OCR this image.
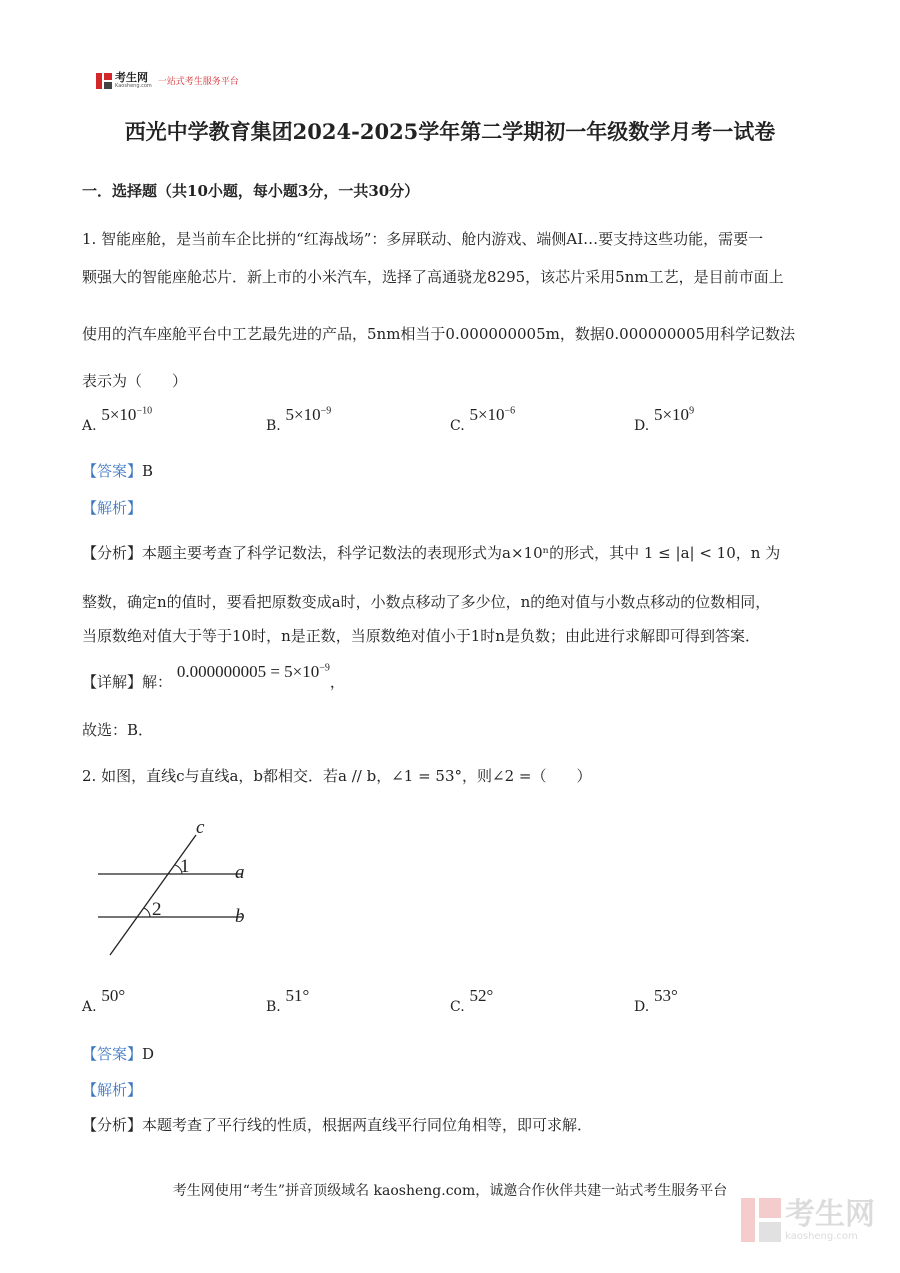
考生网
Kaosheng.com 一站式考生服务平台
西光中学教育集团2024-2025学年第二学期初一年级数学月考一试卷
一．选择题（共10小题，每小题3分，一共30分）
1. 智能座舱，是当前车企比拼的“红海战场”：多屏联动、舱内游戏、端侧AI…要支持这些功能，需要一
颗强大的智能座舱芯片．新上市的小米汽车，选择了高通骁龙8295，该芯片采用5nm工艺，是目前市面上
使用的汽车座舱平台中工艺最先进的产品，5nm相当于0.000000005m，数据0.000000005用科学记数法
表示为（　　）
A. $5\times 10^{-10}$
B. $5\times 10^{-9}$
C. $5\times 10^{-6}$
D. $5\times 10^9$
【答案】B
【解析】
【分析】本题主要考查了科学记数法，科学记数法的表现形式为a×10ⁿ的形式，其中 1 ≤ |a| < 10，n 为
整数，确定n的值时，要看把原数变成a时，小数点移动了多少位，n的绝对值与小数点移动的位数相同，
当原数绝对值大于等于10时，n是正数，当原数绝对值小于1时n是负数；由此进行求解即可得到答案．
【详解】解： $0.000000005 = 5\times 10^{-9}$，
故选：B．
2. 如图，直线c与直线a，b都相交．若a // b，∠1 = 53°，则∠2 =（　　）
c
a
b
1
2
A. 50°
B. 51°
C. 52°
D. 53°
【答案】D
【解析】
【分析】本题考查了平行线的性质，根据两直线平行同位角相等，即可求解．
考生网使用“考生”拼音顶级域名 kaosheng.com，诚邀合作伙伴共建一站式考生服务平台
考生网
kaosheng.com
